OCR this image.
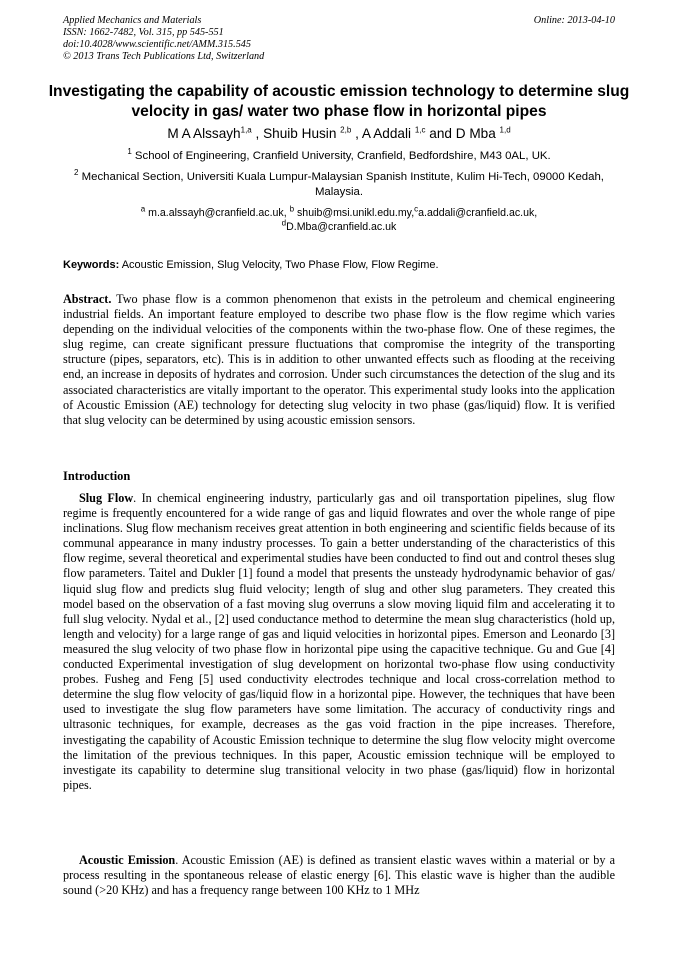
Applied Mechanics and Materials
ISSN: 1662-7482, Vol. 315, pp 545-551
doi:10.4028/www.scientific.net/AMM.315.545
© 2013 Trans Tech Publications Ltd, Switzerland
Online: 2013-04-10
Investigating the capability of acoustic emission technology to determine slug velocity in gas/ water two phase flow in horizontal pipes
M A Alssayh$^{1,a}$ , Shuib Husin $^{2,b}$ , A Addali $^{1,c}$ and D Mba $^{1,d}$
$^1$ School of Engineering, Cranfield University, Cranfield, Bedfordshire, M43 0AL, UK.
$^2$ Mechanical Section, Universiti Kuala Lumpur-Malaysian Spanish Institute, Kulim Hi-Tech, 09000 Kedah, Malaysia.
$^a$ m.a.alssayh@cranfield.ac.uk, $^b$ shuib@msi.unikl.edu.my,$^c$a.addali@cranfield.ac.uk,
$^d$D.Mba@cranfield.ac.uk
Keywords: Acoustic Emission, Slug Velocity, Two Phase Flow, Flow Regime.
Abstract. Two phase flow is a common phenomenon that exists in the petroleum and chemical engineering industrial fields. An important feature employed to describe two phase flow is the flow regime which varies depending on the individual velocities of the components within the two-phase flow. One of these regimes, the slug regime, can create significant pressure fluctuations that compromise the integrity of the transporting structure (pipes, separators, etc). This is in addition to other unwanted effects such as flooding at the receiving end, an increase in deposits of hydrates and corrosion. Under such circumstances the detection of the slug and its associated characteristics are vitally important to the operator. This experimental study looks into the application of Acoustic Emission (AE) technology for detecting slug velocity in two phase (gas/liquid) flow. It is verified that slug velocity can be determined by using acoustic emission sensors.
Introduction
Slug Flow. In chemical engineering industry, particularly gas and oil transportation pipelines, slug flow regime is frequently encountered for a wide range of gas and liquid flowrates and over the whole range of pipe inclinations. Slug flow mechanism receives great attention in both engineering and scientific fields because of its communal appearance in many industry processes. To gain a better understanding of the characteristics of this flow regime, several theoretical and experimental studies have been conducted to find out and control theses slug flow parameters. Taitel and Dukler [1] found a model that presents the unsteady hydrodynamic behavior of gas/ liquid slug flow and predicts slug fluid velocity; length of slug and other slug parameters. They created this model based on the observation of a fast moving slug overruns a slow moving liquid film and accelerating it to full slug velocity. Nydal et al., [2] used conductance method to determine the mean slug characteristics (hold up, length and velocity) for a large range of gas and liquid velocities in horizontal pipes. Emerson and Leonardo [3] measured the slug velocity of two phase flow in horizontal pipe using the capacitive technique. Gu and Gue [4] conducted Experimental investigation of slug development on horizontal two-phase flow using conductivity probes. Fusheg and Feng [5] used conductivity electrodes technique and local cross-correlation method to determine the slug flow velocity of gas/liquid flow in a horizontal pipe. However, the techniques that have been used to investigate the slug flow parameters have some limitation. The accuracy of conductivity rings and ultrasonic techniques, for example, decreases as the gas void fraction in the pipe increases. Therefore, investigating the capability of Acoustic Emission technique to determine the slug flow velocity might overcome the limitation of the previous techniques. In this paper, Acoustic emission technique will be employed to investigate its capability to determine slug transitional velocity in two phase (gas/liquid) flow in horizontal pipes.
Acoustic Emission. Acoustic Emission (AE) is defined as transient elastic waves within a material or by a process resulting in the spontaneous release of elastic energy [6]. This elastic wave is higher than the audible sound (>20 KHz) and has a frequency range between 100 KHz to 1 MHz
